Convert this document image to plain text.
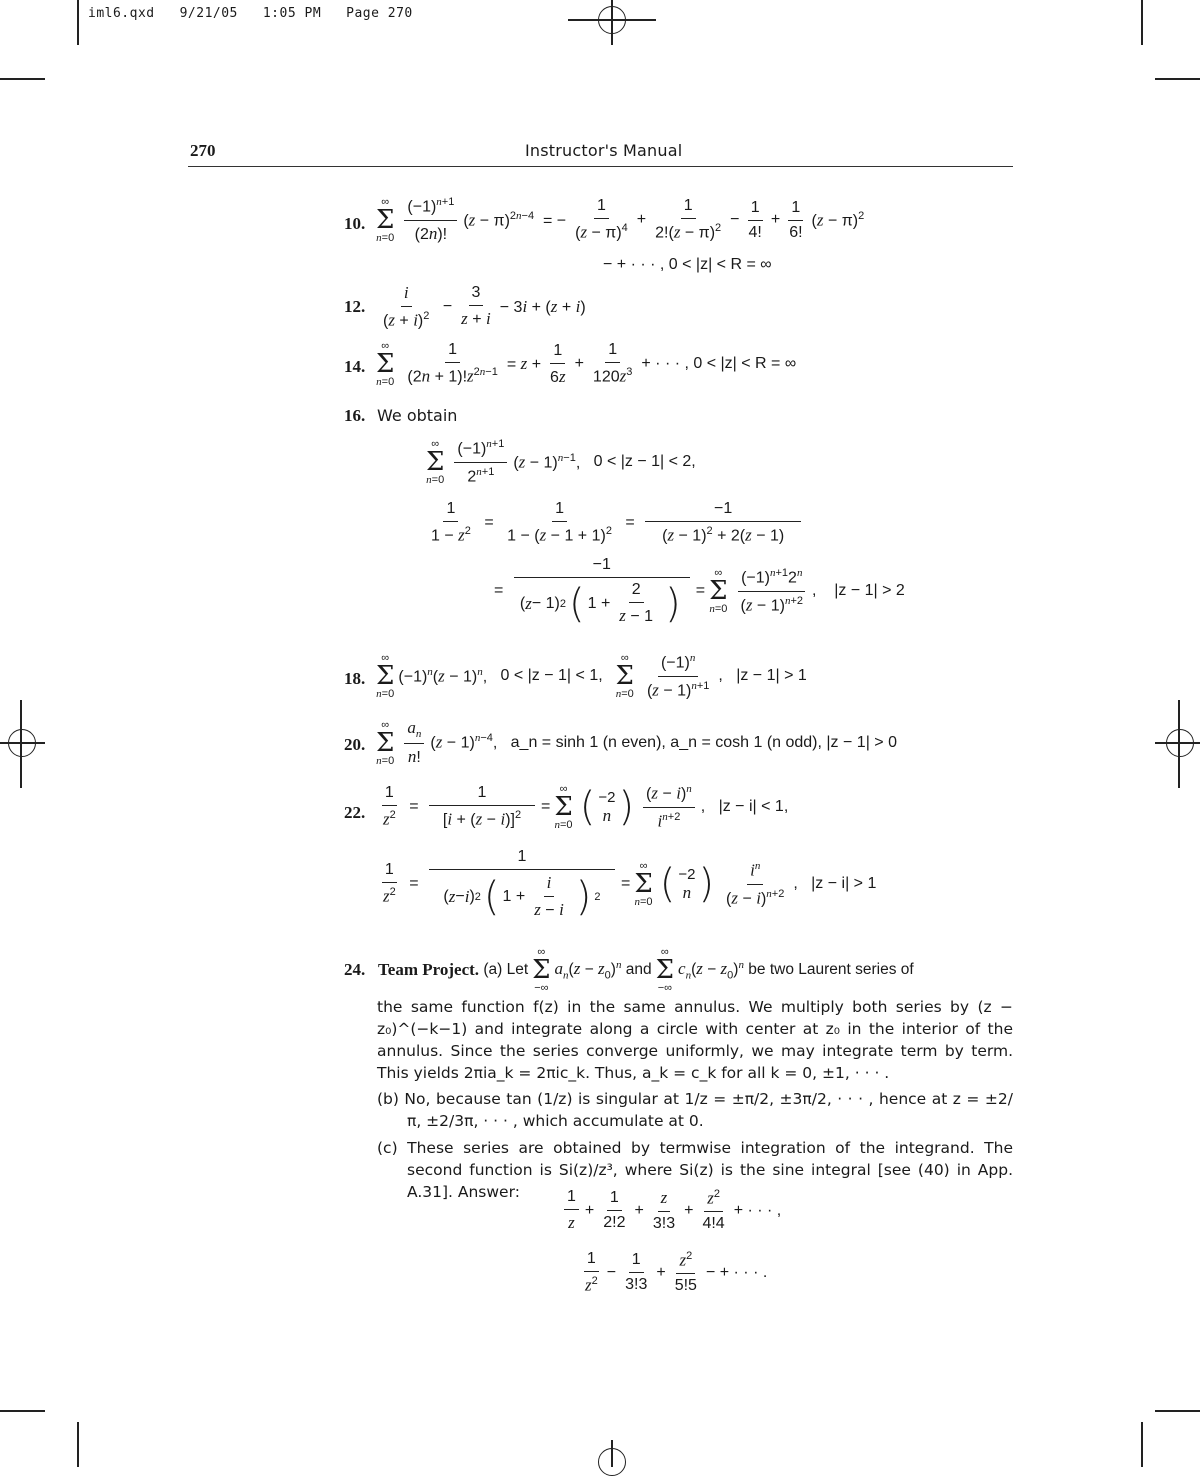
iml6.qxd   9/21/05   1:05 PM   Page 270
270	Instructor's Manual
10.
∞
Σ
$n=0 \frac{(-1)^{n+1}}{(2n)!} (z - \pi)^{2n-4}$  = − $\frac{1}{(z - \pi)^4} + \frac{1}{2!(z - \pi)^2} - \frac{1}{4!} + \frac{1}{6!} (z - \pi)^2$
− + · · · , 0 < |z| < R = ∞
12. $\frac{i}{(z + i)^2} - \frac{3}{z + i} - 3i + (z + i)$
14.
∞
Σ
$n=0 \frac{1}{(2n + 1)!z^{2n-1}} = z + \frac{1}{6z} + \frac{1}{120z^3}$ + · · · , 0 < |z| < R = ∞
16. We obtain
∞
Σ
$n=0 \frac{(-1)^{n+1}}{2^{n+1}} (z - 1)^{n-1}$, 0 < |z − 1| < 2,
$\frac{1}{1 - z^2} = \frac{1}{1 - (z - 1 + 1)^2} = \frac{-1}{(z - 1)^2 + 2(z - 1)}$
= $\frac{-1}{( z - 1) 2 ( 1 + \frac{2}{z - 1} )}$ =
∞
Σ
$n=0 \frac{(-1)^{n+1}2^n}{(z - 1)^{n+2}}$ , |z − 1| > 2
18.
∞
Σ
n=0
$(-1)^n(z - 1)^n$, 0 < |z − 1| < 1,

∞
Σ
$n=0 \frac{(-1)^n}{(z - 1)^{n+1}}$ , |z − 1| > 1
20.
∞
Σ
$n=0 \frac{a_n}{n!} (z - 1)^{n-4}$, a_n = sinh 1 (n even), a_n = cosh 1 (n odd), |z − 1| > 0
22. $\frac{1}{z^2} = \frac{1}{[i + (z - i)]^2}$ =
∞
Σ
n=0 ( −2
n ) $\frac{(z - i)^n}{i^{n+2}}$ , |z − i| < 1,
$\frac{1}{z^2} = \frac{1}{( z - i ) 2 ( 1 + \frac{i}{z - i} ) 2}$ =
∞
Σ
n=0 ( −2
n ) $\frac{i^n}{(z - i)^{n+2}}$ , |z − i| > 1
24. Team Project.
(a) Let
∞
Σ
−∞
$a_n(z - z_0)^n$ and
∞
Σ
−∞
$c_n(z - z_0)^n$ be two Laurent series of
the same function f(z) in the same annulus. We multiply both series by (z − z₀)^(−k−1) and integrate along a circle with center at z₀ in the interior of the annulus. Since the series converge uniformly, we may integrate term by term. This yields 2πia_k = 2πic_k. Thus, a_k = c_k for all k = 0, ±1, · · · .
(b) No, because tan (1/z) is singular at 1/z = ±π/2, ±3π/2, · · · , hence at z = ±2/π, ±2/3π, · · · , which accumulate at 0.
(c) These series are obtained by termwise integration of the integrand. The second function is Si(z)/z³, where Si(z) is the sine integral [see (40) in App. A.31]. Answer:	$\frac{1}{z} + \frac{1}{2!2} + \frac{z}{3!3} + \frac{z^2}{4!4}$ + · · · ,
$\frac{1}{z^2} - \frac{1}{3!3} + \frac{z^2}{5!5}$ − + · · · .
